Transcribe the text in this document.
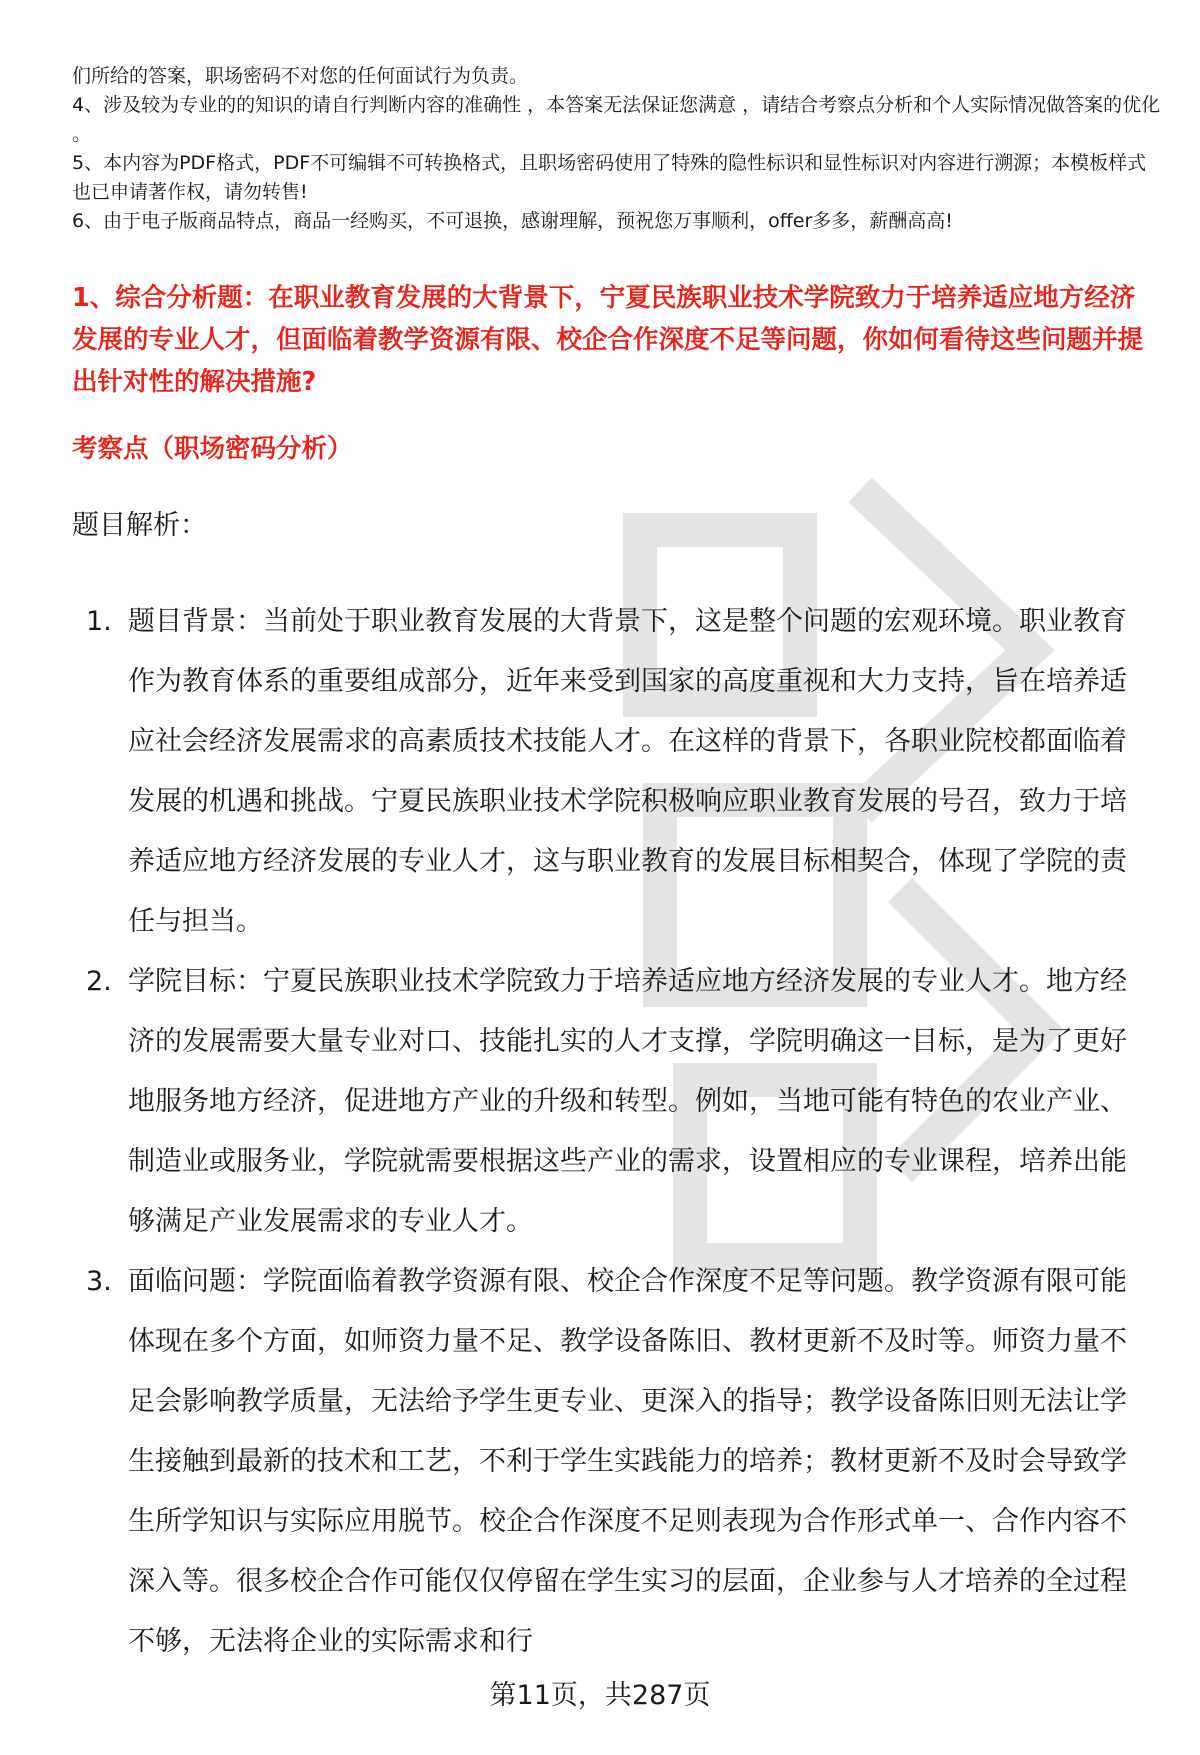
们所给的答案，职场密码不对您的任何面试行为负责。

4、涉及较为专业的的知识的请自行判断内容的准确性 ，本答案无法保证您满意 ，请结合考察点分析和个人实际情况做答案的优化 。

5、本内容为PDF格式，PDF不可编辑不可转换格式，且职场密码使用了特殊的隐性标识和显性标识对内容进行溯源；本模板样式也已申请著作权，请勿转售!

6、由于电子版商品特点，商品一经购买，不可退换，感谢理解，预祝您万事顺利，offer多多，薪酬高高!

1、综合分析题：在职业教育发展的大背景下，宁夏民族职业技术学院致力于培养适应地方经济发展的专业人才，但面临着教学资源有限、校企合作深度不足等问题，你如何看待这些问题并提出针对性的解决措施?

考察点（职场密码分析）

题目解析：

1. 题目背景：当前处于职业教育发展的大背景下，这是整个问题的宏观环境。职业教育作为教育体系的重要组成部分，近年来受到国家的高度重视和大力支持，旨在培养适应社会经济发展需求的高素质技术技能人才。在这样的背景下，各职业院校都面临着发展的机遇和挑战。宁夏民族职业技术学院积极响应职业教育发展的号召，致力于培养适应地方经济发展的专业人才，这与职业教育的发展目标相契合，体现了学院的责任与担当。
2. 学院目标：宁夏民族职业技术学院致力于培养适应地方经济发展的专业人才。地方经济的发展需要大量专业对口、技能扎实的人才支撑，学院明确这一目标，是为了更好地服务地方经济，促进地方产业的升级和转型。例如，当地可能有特色的农业产业、制造业或服务业，学院就需要根据这些产业的需求，设置相应的专业课程，培养出能够满足产业发展需求的专业人才。
3. 面临问题：学院面临着教学资源有限、校企合作深度不足等问题。教学资源有限可能体现在多个方面，如师资力量不足、教学设备陈旧、教材更新不及时等。师资力量不足会影响教学质量，无法给予学生更专业、更深入的指导；教学设备陈旧则无法让学生接触到最新的技术和工艺，不利于学生实践能力的培养；教材更新不及时会导致学生所学知识与实际应用脱节。校企合作深度不足则表现为合作形式单一、合作内容不深入等。很多校企合作可能仅仅停留在学生实习的层面，企业参与人才培养的全过程不够，无法将企业的实际需求和行
第11页，共287页
